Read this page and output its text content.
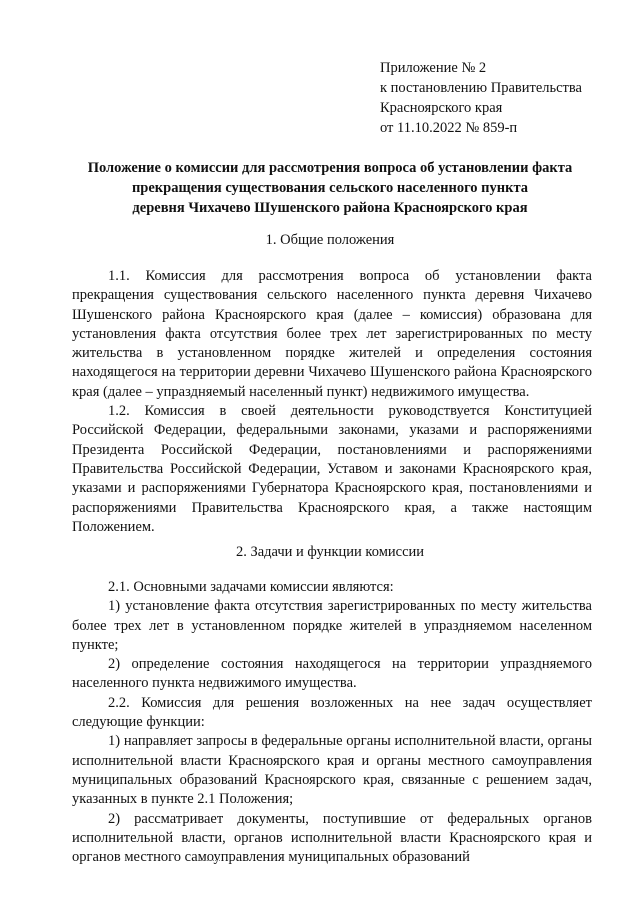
Приложение № 2
к постановлению Правительства
Красноярского края
от 11.10.2022 № 859-п
Положение о комиссии для рассмотрения вопроса об установлении факта
прекращения существования сельского населенного пункта
деревня Чихачево Шушенского района Красноярского края
1. Общие положения

1.1. Комиссия для рассмотрения вопроса об установлении факта прекращения существования сельского населенного пункта деревня Чихачево Шушенского района Красноярского края (далее – комиссия) образована для установления факта отсутствия более трех лет зарегистрированных по месту жительства в установленном порядке жителей и определения состояния находящегося на территории деревни Чихачево Шушенского района Красноярского края (далее – упраздняемый населенный пункт) недвижимого имущества.

1.2. Комиссия в своей деятельности руководствуется Конституцией Российской Федерации, федеральными законами, указами и распоряжениями Президента Российской Федерации, постановлениями и распоряжениями Правительства Российской Федерации, Уставом и законами Красноярского края, указами и распоряжениями Губернатора Красноярского края, постановлениями и распоряжениями Правительства Красноярского края, а также настоящим Положением.

2. Задачи и функции комиссии

2.1. Основными задачами комиссии являются:

1) установление факта отсутствия зарегистрированных по месту жительства более трех лет в установленном порядке жителей в упраздняемом населенном пункте;

2) определение состояния находящегося на территории упраздняемого населенного пункта недвижимого имущества.

2.2. Комиссия для решения возложенных на нее задач осуществляет следующие функции:

1) направляет запросы в федеральные органы исполнительной власти, органы исполнительной власти Красноярского края и органы местного самоуправления муниципальных образований Красноярского края, связанные с решением задач, указанных в пункте 2.1 Положения;

2) рассматривает документы, поступившие от федеральных органов исполнительной власти, органов исполнительной власти Красноярского края и органов местного самоуправления муниципальных образований
